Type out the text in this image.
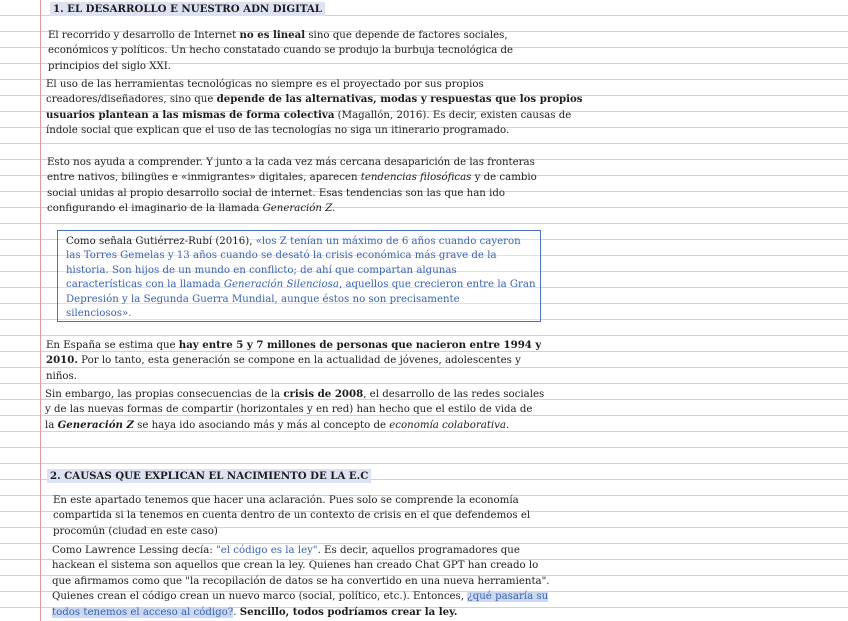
1. EL DESARROLLO E NUESTRO ADN DIGITAL

El recorrido y desarrollo de Internet no es lineal sino que depende de factores sociales,
económicos y políticos. Un hecho constatado cuando se produjo la burbuja tecnológica de
principios del siglo XXI.

El uso de las herramientas tecnológicas no siempre es el proyectado por sus propios
creadores/diseñadores, sino que depende de las alternativas, modas y respuestas que los propios
usuarios plantean a las mismas de forma colectiva (Magallón, 2016). Es decir, existen causas de
índole social que explican que el uso de las tecnologías no siga un itinerario programado.

Esto nos ayuda a comprender. Y junto a la cada vez más cercana desaparición de las fronteras
entre nativos, bilingües e «inmigrantes» digitales, aparecen tendencias filosóficas y de cambio
social unidas al propio desarrollo social de internet. Esas tendencias son las que han ido
configurando el imaginario de la llamada Generación Z.

Como señala Gutiérrez-Rubí (2016), «los Z tenían un máximo de 6 años cuando cayeron
las Torres Gemelas y 13 años cuando se desató la crisis económica más grave de la
historia. Son hijos de un mundo en conflicto; de ahí que compartan algunas
características con la llamada Generación Silenciosa, aquellos que crecieron entre la Gran
Depresión y la Segunda Guerra Mundial, aunque éstos no son precisamente
silenciosos».

En España se estima que hay entre 5 y 7 millones de personas que nacieron entre 1994 y
2010. Por lo tanto, esta generación se compone en la actualidad de jóvenes, adolescentes y
niños.

Sin embargo, las propias consecuencias de la crisis de 2008, el desarrollo de las redes sociales
y de las nuevas formas de compartir (horizontales y en red) han hecho que el estilo de vida de
la Generación Z se haya ido asociando más y más al concepto de economía colaborativa.

2. CAUSAS QUE EXPLICAN EL NACIMIENTO DE LA E.C

En este apartado tenemos que hacer una aclaración. Pues solo se comprende la economía
compartida si la tenemos en cuenta dentro de un contexto de crisis en el que defendemos el
procomún (ciudad en este caso)

Como Lawrence Lessing decía: "el código es la ley". Es decir, aquellos programadores que
hackean el sistema son aquellos que crean la ley. Quienes han creado Chat GPT han creado lo
que afirmamos como que "la recopilación de datos se ha convertido en una nueva herramienta".
Quienes crean el código crean un nuevo marco (social, político, etc.). Entonces, ¿qué pasaría su
todos tenemos el acceso al código?. Sencillo, todos podríamos crear la ley.
